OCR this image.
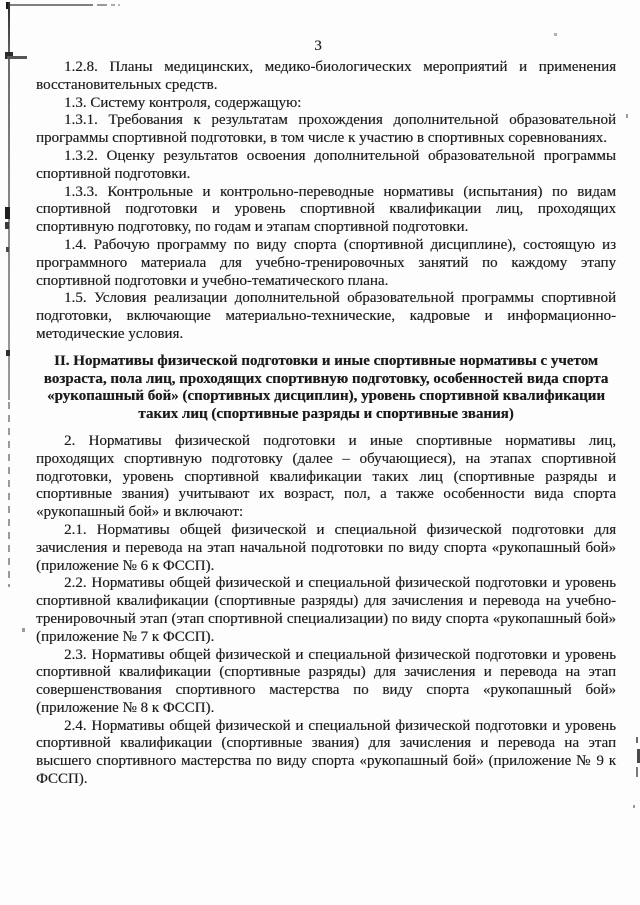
3

1.2.8. Планы медицинских, медико-биологических мероприятий и применения восстановительных средств.

1.3. Систему контроля, содержащую:

1.3.1. Требования к результатам прохождения дополнительной образовательной программы спортивной подготовки, в том числе к участию в спортивных соревнованиях.

1.3.2. Оценку результатов освоения дополнительной образовательной программы спортивной подготовки.

1.3.3. Контрольные и контрольно-переводные нормативы (испытания) по видам спортивной подготовки и уровень спортивной квалификации лиц, проходящих спортивную подготовку, по годам и этапам спортивной подготовки.

1.4. Рабочую программу по виду спорта (спортивной дисциплине), состоящую из программного материала для учебно-тренировочных занятий по каждому этапу спортивной подготовки и учебно-тематического плана.

1.5. Условия реализации дополнительной образовательной программы спортивной подготовки, включающие материально-технические, кадровые и информационно-методические условия.

II. Нормативы физической подготовки и иные спортивные нормативы с учетом возраста, пола лиц, проходящих спортивную подготовку, особенностей вида спорта «рукопашный бой» (спортивных дисциплин), уровень спортивной квалификации таких лиц (спортивные разряды и спортивные звания)

2. Нормативы физической подготовки и иные спортивные нормативы лиц, проходящих спортивную подготовку (далее – обучающиеся), на этапах спортивной подготовки, уровень спортивной квалификации таких лиц (спортивные разряды и спортивные звания) учитывают их возраст, пол, а также особенности вида спорта «рукопашный бой» и включают:

2.1. Нормативы общей физической и специальной физической подготовки для зачисления и перевода на этап начальной подготовки по виду спорта «рукопашный бой» (приложение № 6 к ФССП).

2.2. Нормативы общей физической и специальной физической подготовки и уровень спортивной квалификации (спортивные разряды) для зачисления и перевода на учебно-тренировочный этап (этап спортивной специализации) по виду спорта «рукопашный бой» (приложение № 7 к ФССП).

2.3. Нормативы общей физической и специальной физической подготовки и уровень спортивной квалификации (спортивные разряды) для зачисления и перевода на этап совершенствования спортивного мастерства по виду спорта «рукопашный бой» (приложение № 8 к ФССП).

2.4. Нормативы общей физической и специальной физической подготовки и уровень спортивной квалификации (спортивные звания) для зачисления и перевода на этап высшего спортивного мастерства по виду спорта «рукопашный бой» (приложение № 9 к ФССП).
